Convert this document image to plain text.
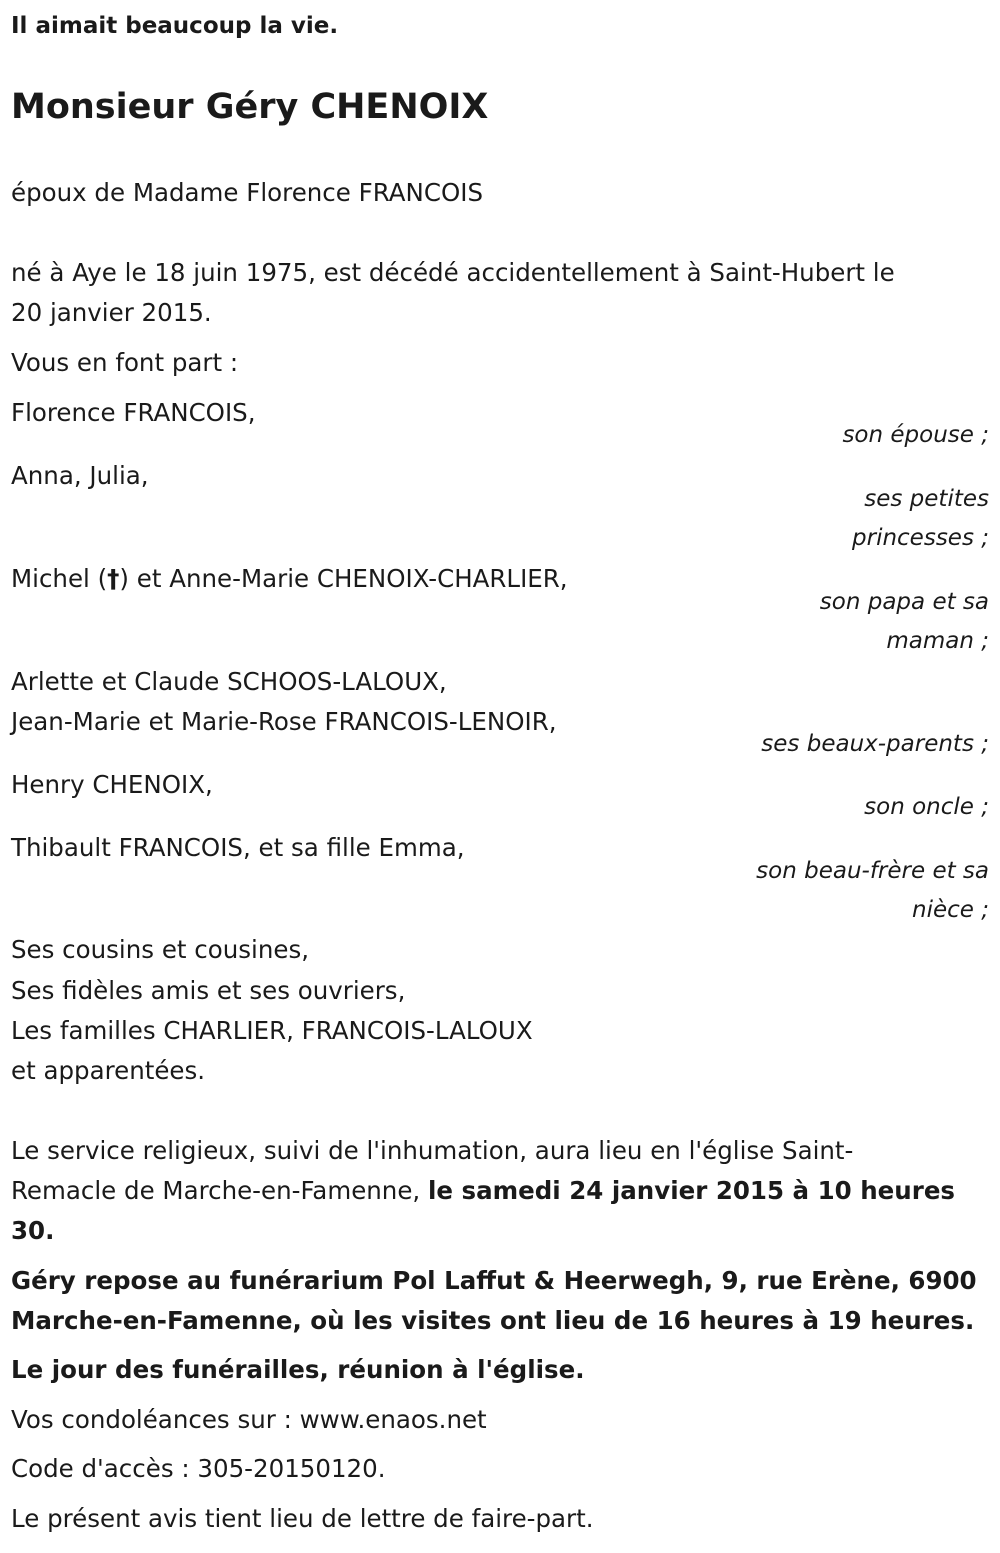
Il aimait beaucoup la vie.
Monsieur Géry CHENOIX
époux de Madame Florence FRANCOIS
né à Aye le 18 juin 1975, est décédé accidentellement à Saint-Hubert le
20 janvier 2015.
Vous en font part :
Florence FRANCOIS,
son épouse ;
Anna, Julia,
ses petites
princesses ;
Michel (†) et Anne-Marie CHENOIX-CHARLIER,
son papa et sa
maman ;
Arlette et Claude SCHOOS-LALOUX,
Jean-Marie et Marie-Rose FRANCOIS-LENOIR,
ses beaux-parents ;
Henry CHENOIX,
son oncle ;
Thibault FRANCOIS, et sa fille Emma,
son beau-frère et sa
nièce ;
Ses cousins et cousines,
Ses fidèles amis et ses ouvriers,
Les familles CHARLIER, FRANCOIS-LALOUX
et apparentées.
Le service religieux, suivi de l'inhumation, aura lieu en l'église Saint-
Remacle de Marche-en-Famenne, le samedi 24 janvier 2015 à 10 heures
30.
Géry repose au funérarium Pol Laffut & Heerwegh, 9, rue Erène, 6900
Marche-en-Famenne, où les visites ont lieu de 16 heures à 19 heures.
Le jour des funérailles, réunion à l'église.
Vos condoléances sur : www.enaos.net
Code d'accès : 305-20150120.
Le présent avis tient lieu de lettre de faire-part.
